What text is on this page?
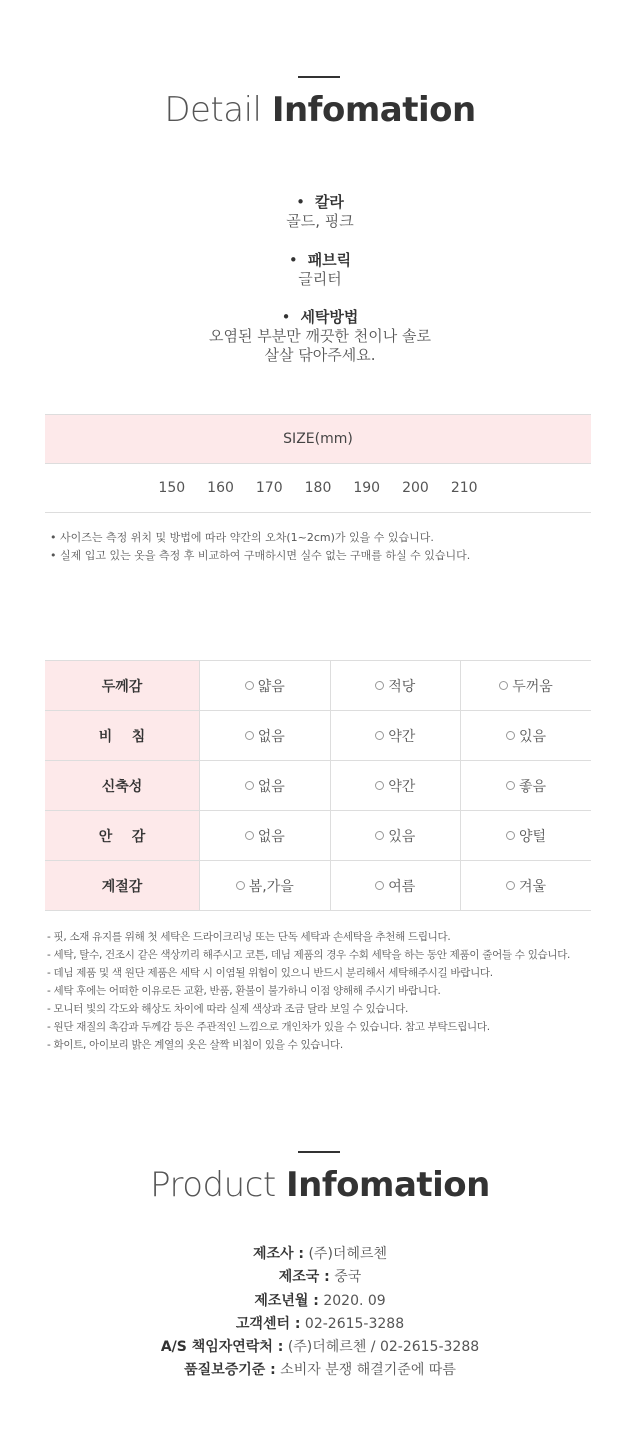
Detail Infomation
• 칼라
골드, 핑크
• 패브릭
글리터
• 세탁방법
오염된 부분만 깨끗한 천이나 솔로
살살 닦아주세요.
SIZE(mm)
150 160 170 180 190 200 210
• 사이즈는 측정 위치 및 방법에 따라 약간의 오차(1~2cm)가 있을 수 있습니다.
• 실제 입고 있는 옷을 측정 후 비교하여 구매하시면 실수 없는 구매를 하실 수 있습니다.
두께감	얇음	적당	두꺼움
비    침	없음	약간	있음
신축성	없음	약간	좋음
안    감	없음	있음	양털
계절감	봄,가을	여름	겨울
- 핏, 소재 유지를 위해 첫 세탁은 드라이크리닝 또는 단독 세탁과 손세탁을 추천해 드립니다.
- 세탁, 탈수, 건조시 같은 색상끼리 해주시고 코튼, 데님 제품의 경우 수회 세탁을 하는 동안 제품이 줄어들 수 있습니다.
- 데님 제품 및 색 원단 제품은 세탁 시 이염될 위험이 있으니 반드시 분리해서 세탁해주시길 바랍니다.
- 세탁 후에는 어떠한 이유로든 교환, 반품, 환불이 불가하니 이점 양해해 주시기 바랍니다.
- 모니터 빛의 각도와 해상도 차이에 따라 실제 색상과 조금 달라 보일 수 있습니다.
- 원단 재질의 촉감과 두께감 등은 주관적인 느낌으로 개인차가 있을 수 있습니다. 참고 부탁드립니다.
- 화이트, 아이보리 밝은 계열의 옷은 살짝 비침이 있을 수 있습니다.
Product Infomation
제조사 : (주)더헤르첸
제조국 : 중국
제조년월 : 2020. 09
고객센터 : 02-2615-3288
A/S 책임자연락처 : (주)더헤르첸 / 02-2615-3288
품질보증기준 : 소비자 분쟁 해결기준에 따름
